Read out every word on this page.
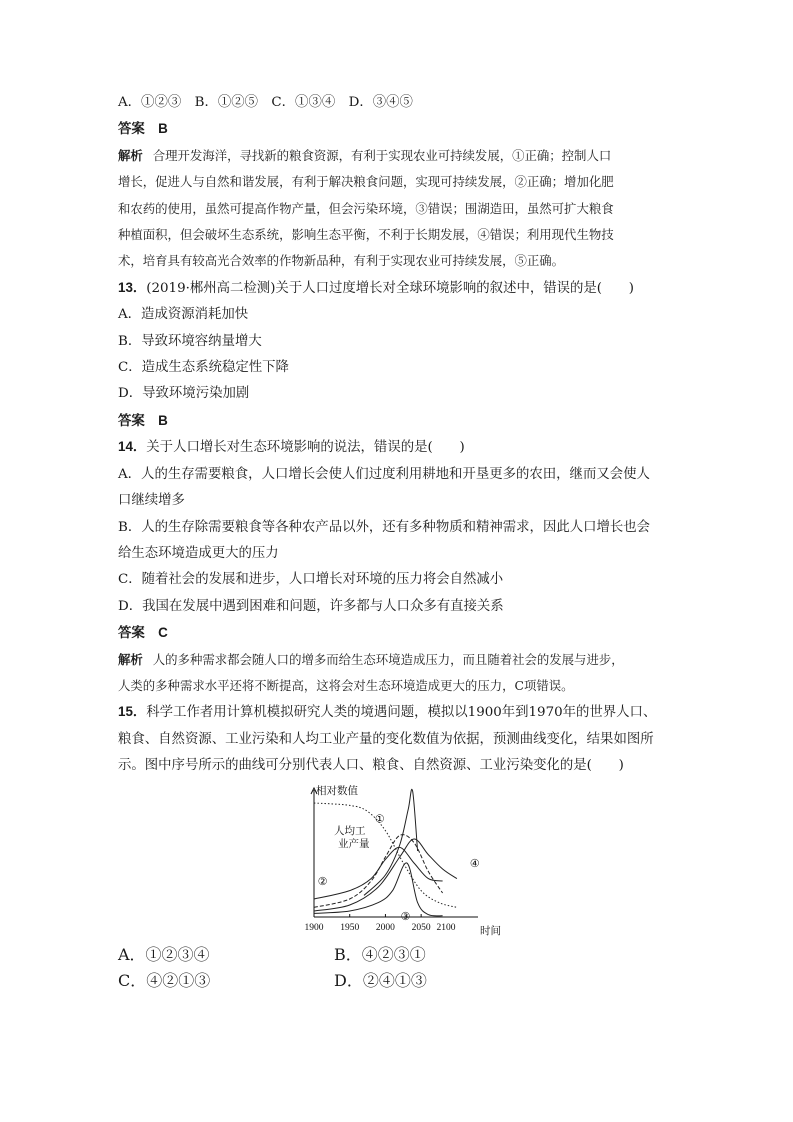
A．①②③　B．①②⑤　C．①③④　D．③④⑤
答案　B
解析 合理开发海洋，寻找新的粮食资源，有利于实现农业可持续发展，①正确；控制人口
增长，促进人与自然和谐发展，有利于解决粮食问题，实现可持续发展，②正确；增加化肥
和农药的使用，虽然可提高作物产量，但会污染环境，③错误；围湖造田，虽然可扩大粮食
种植面积，但会破坏生态系统，影响生态平衡，不利于长期发展，④错误；利用现代生物技
术，培育具有较高光合效率的作物新品种，有利于实现农业可持续发展，⑤正确。
13．(2019·郴州高二检测)关于人口过度增长对全球环境影响的叙述中，错误的是(　　)
A．造成资源消耗加快
B．导致环境容纳量增大
C．造成生态系统稳定性下降
D．导致环境污染加剧
答案　B
14．关于人口增长对生态环境影响的说法，错误的是(　　)
A．人的生存需要粮食，人口增长会使人们过度利用耕地和开垦更多的农田，继而又会使人
口继续增多
B．人的生存除需要粮食等各种农产品以外，还有多种物质和精神需求，因此人口增长也会
给生态环境造成更大的压力
C．随着社会的发展和进步，人口增长对环境的压力将会自然减小
D．我国在发展中遇到困难和问题，许多都与人口众多有直接关系
答案　C
解析 人的多种需求都会随人口的增多而给生态环境造成压力，而且随着社会的发展与进步，
人类的多种需求水平还将不断提高，这将会对生态环境造成更大的压力，C项错误。
15．科学工作者用计算机模拟研究人类的境遇问题，模拟以1900年到1970年的世界人口、
粮食、自然资源、工业污染和人均工业产量的变化数值为依据，预测曲线变化，结果如图所
示。图中序号所示的曲线可分别代表人口、粮食、自然资源、工业污染变化的是(　　)
相对数值
时间
人均工
业产量
2100
1900 1950 2000 2050
①
②
③
④
A．①②③④	B．④②③①
C．④②①③	D．②④①③
